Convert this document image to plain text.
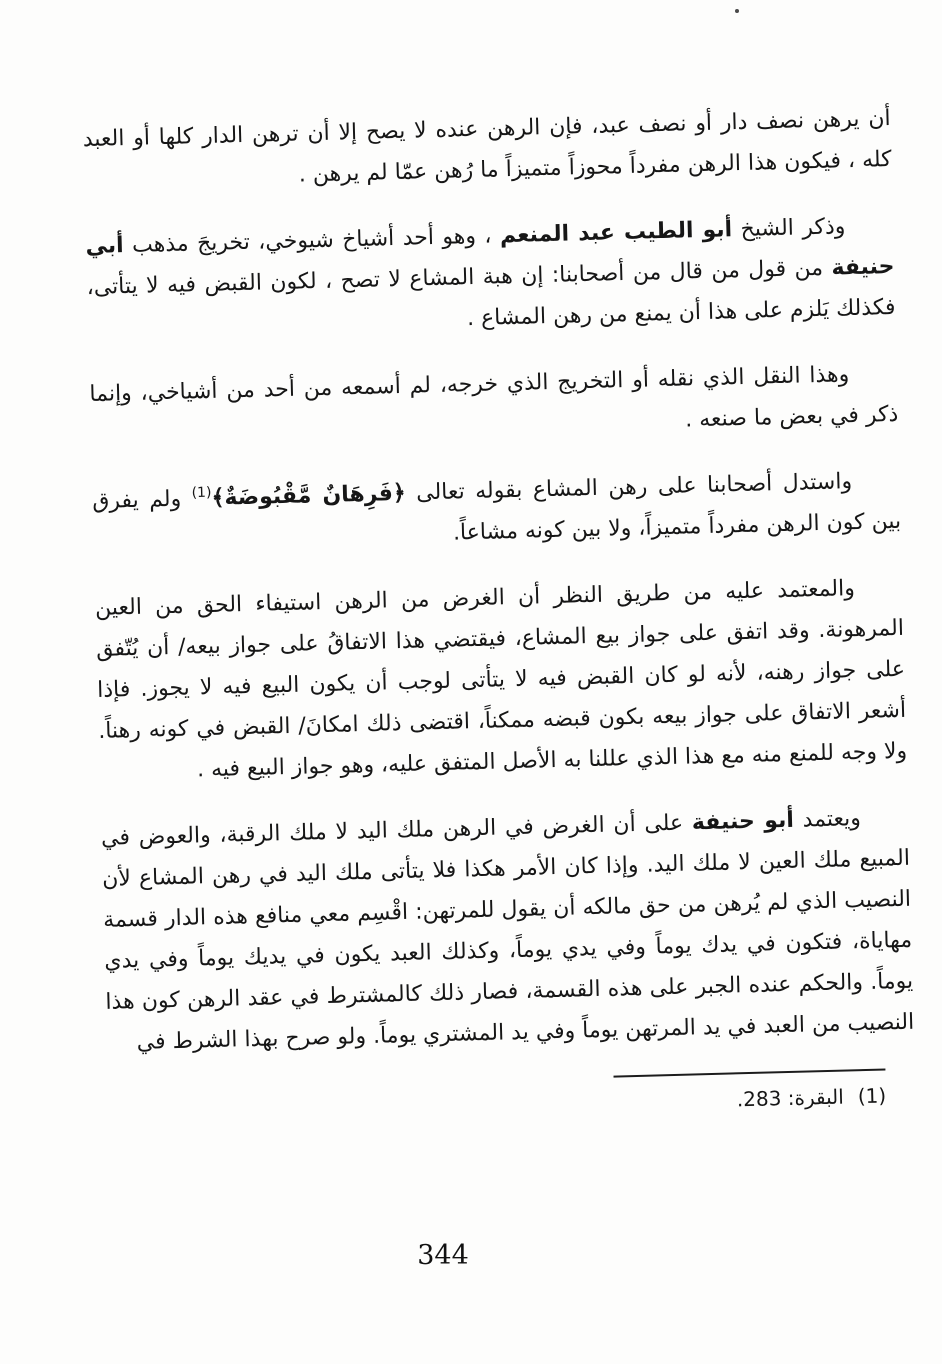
أن يرهن نصف دار أو نصف عبد، فإن الرهن عنده لا يصح إلا أن ترهن الدار كلها أو العبد كله ، فيكون هذا الرهن مفرداً محوزاً متميزاً ما رُهن عمّا لم يرهن .

وذكر الشيخ أبو الطيب عبد المنعم ، وهو أحد أشياخ شيوخي، تخريجَ مذهب أبي حنيفة من قول من قال من أصحابنا: إن هبة المشاع لا تصح ، لكون القبض فيه لا يتأتى، فكذلك يَلزم على هذا أن يمنع من رهن المشاع .

وهذا النقل الذي نقله أو التخريج الذي خرجه، لم أسمعه من أحد من أشياخي، وإنما ذكر في بعض ما صنعه .

واستدل أصحابنا على رهن المشاع بقوله تعالى ﴿فَرِهَانٌ مَّقْبُوضَةٌ﴾$^{(1)}$ ولم يفرق بين كون الرهن مفرداً متميزاً، ولا بين كونه مشاعاً.

والمعتمد عليه من طريق النظر أن الغرض من الرهن استيفاء الحق من العين المرهونة. وقد اتفق على جواز بيع المشاع، فيقتضي هذا الاتفاقُ على جواز بيعه/ أن يُتّفق على جواز رهنه، لأنه لو كان القبض فيه لا يتأتى لوجب أن يكون البيع فيه لا يجوز. فإذا أشعر الاتفاق على جواز بيعه بكون قبضه ممكناً، اقتضى ذلك امكانَ/ القبض في كونه رهناً. ولا وجه للمنع منه مع هذا الذي عللنا به الأصل المتفق عليه، وهو جواز البيع فيه .

ويعتمد أبو حنيفة على أن الغرض في الرهن ملك اليد لا ملك الرقبة، والعوض في المبيع ملك العين لا ملك اليد. وإذا كان الأمر هكذا فلا يتأتى ملك اليد في رهن المشاع لأن النصيب الذي لم يُرهن من حق مالكه أن يقول للمرتهن: اقْسِم معي منافع هذه الدار قسمة مهاياة، فتكون في يدك يوماً وفي يدي يوماً، وكذلك العبد يكون في يديك يوماً وفي يدي يوماً. والحكم عنده الجبر على هذه القسمة، فصار ذلك كالمشترط في عقد الرهن كون هذا النصيب من العبد في يد المرتهن يوماً وفي يد المشتري يوماً. ولو صرح بهذا الشرط في

(1)البقرة: 283.
344
